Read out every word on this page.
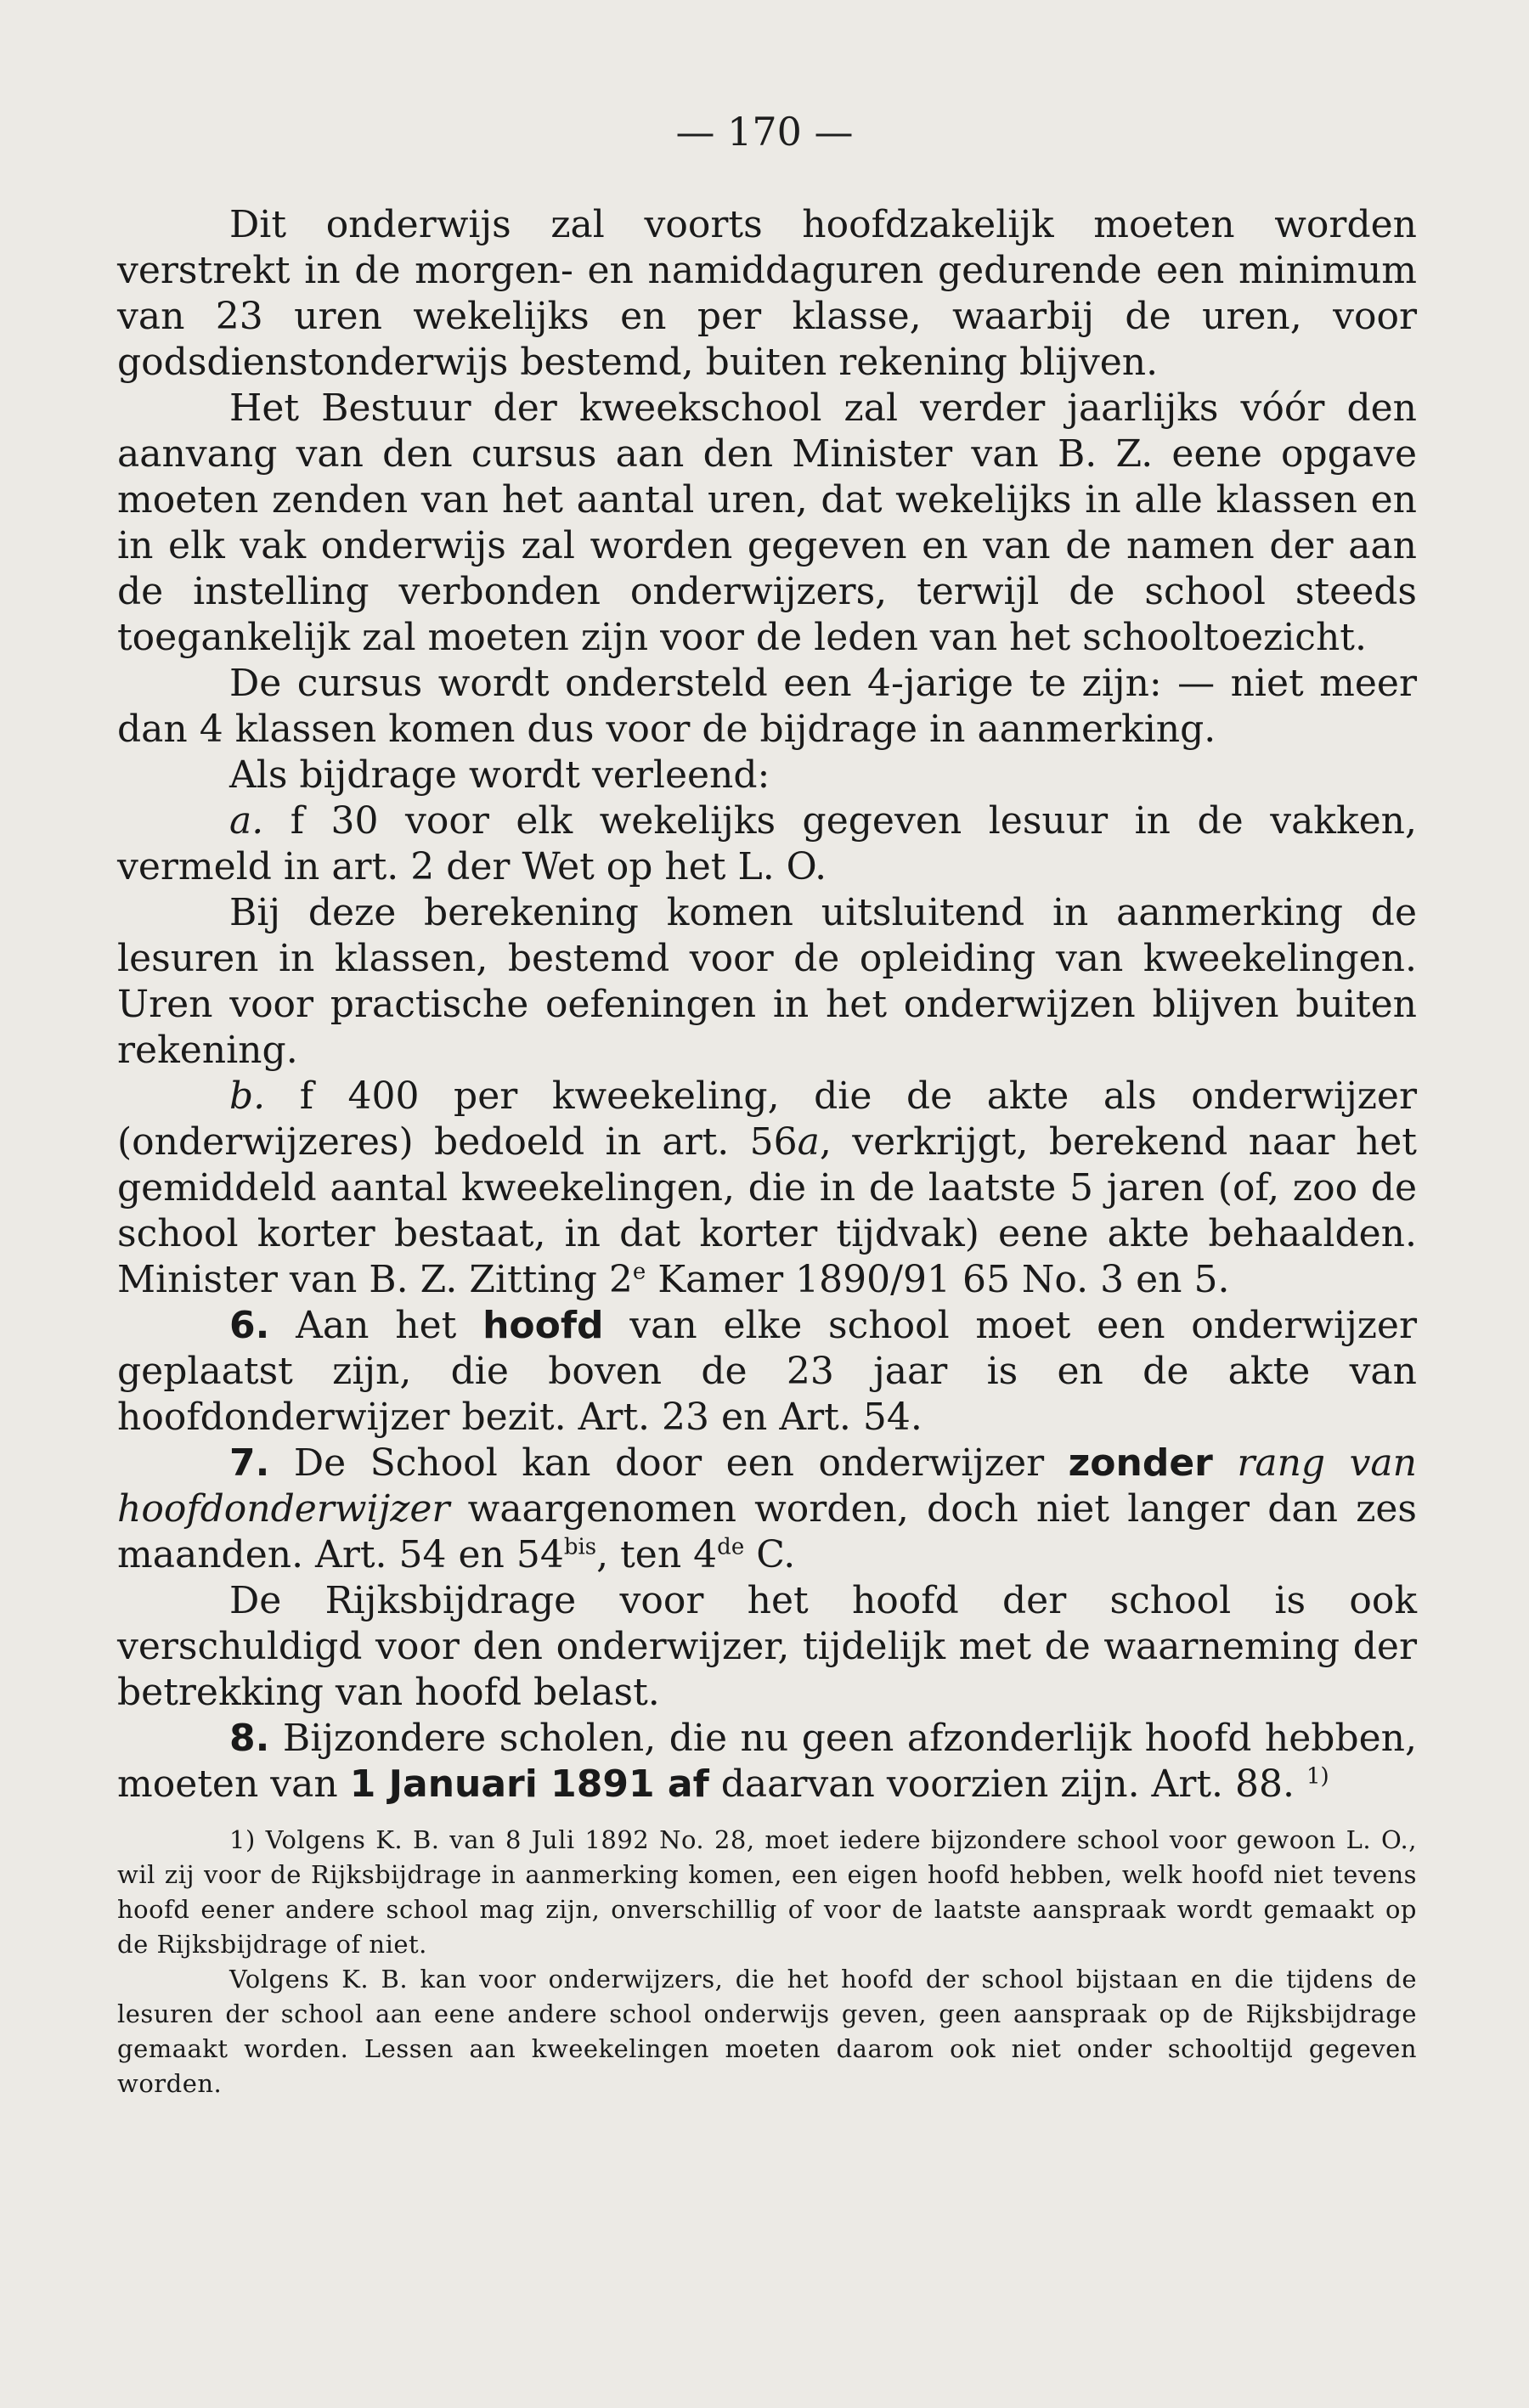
— 170 —

Dit onderwijs zal voorts hoofdzakelijk moeten worden verstrekt in de morgen- en namiddaguren gedurende een minimum van 23 uren wekelijks en per klasse, waarbij de uren, voor godsdienstonderwijs bestemd, buiten rekening blijven.

Het Bestuur der kweekschool zal verder jaarlijks vóór den aanvang van den cursus aan den Minister van B. Z. eene opgave moeten zenden van het aantal uren, dat wekelijks in alle klassen en in elk vak onderwijs zal worden gegeven en van de namen der aan de instelling verbonden onderwijzers, terwijl de school steeds toegankelijk zal moeten zijn voor de leden van het schooltoezicht.

De cursus wordt ondersteld een 4-jarige te zijn: — niet meer dan 4 klassen komen dus voor de bijdrage in aanmerking.

Als bijdrage wordt verleend:

a. f 30 voor elk wekelijks gegeven lesuur in de vakken, vermeld in art. 2 der Wet op het L. O.

Bij deze berekening komen uitsluitend in aanmerking de lesuren in klassen, bestemd voor de opleiding van kweekelingen. Uren voor practische oefeningen in het onderwijzen blijven buiten rekening.

b. f 400 per kweekeling, die de akte als onderwijzer (onderwijzeres) bedoeld in art. 56a, verkrijgt, berekend naar het gemiddeld aantal kweekelingen, die in de laatste 5 jaren (of, zoo de school korter bestaat, in dat korter tijdvak) eene akte behaalden. Minister van B. Z. Zitting 2e Kamer 1890/91 65 No. 3 en 5.

6. Aan het hoofd van elke school moet een onderwijzer geplaatst zijn, die boven de 23 jaar is en de akte van hoofdonderwijzer bezit. Art. 23 en Art. 54.

7. De School kan door een onderwijzer zonder rang van hoofdonderwijzer waargenomen worden, doch niet langer dan zes maanden. Art. 54 en $54^{bis}$, ten 4de C.

De Rijksbijdrage voor het hoofd der school is ook verschuldigd voor den onderwijzer, tijdelijk met de waarneming der betrekking van hoofd belast.

8. Bijzondere scholen, die nu geen afzonderlijk hoofd hebben, moeten van 1 Januari 1891 af daarvan voorzien zijn. Art. 88. $^{1)}$

1) Volgens K. B. van 8 Juli 1892 No. 28, moet iedere bijzondere school voor gewoon L. O., wil zij voor de Rijksbijdrage in aanmerking komen, een eigen hoofd hebben, welk hoofd niet tevens hoofd eener andere school mag zijn, onverschillig of voor de laatste aanspraak wordt gemaakt op de Rijksbijdrage of niet.

Volgens K. B. kan voor onderwijzers, die het hoofd der school bijstaan en die tijdens de lesuren der school aan eene andere school onderwijs geven, geen aanspraak op de Rijksbijdrage gemaakt worden. Lessen aan kweekelingen moeten daarom ook niet onder schooltijd gegeven worden.
